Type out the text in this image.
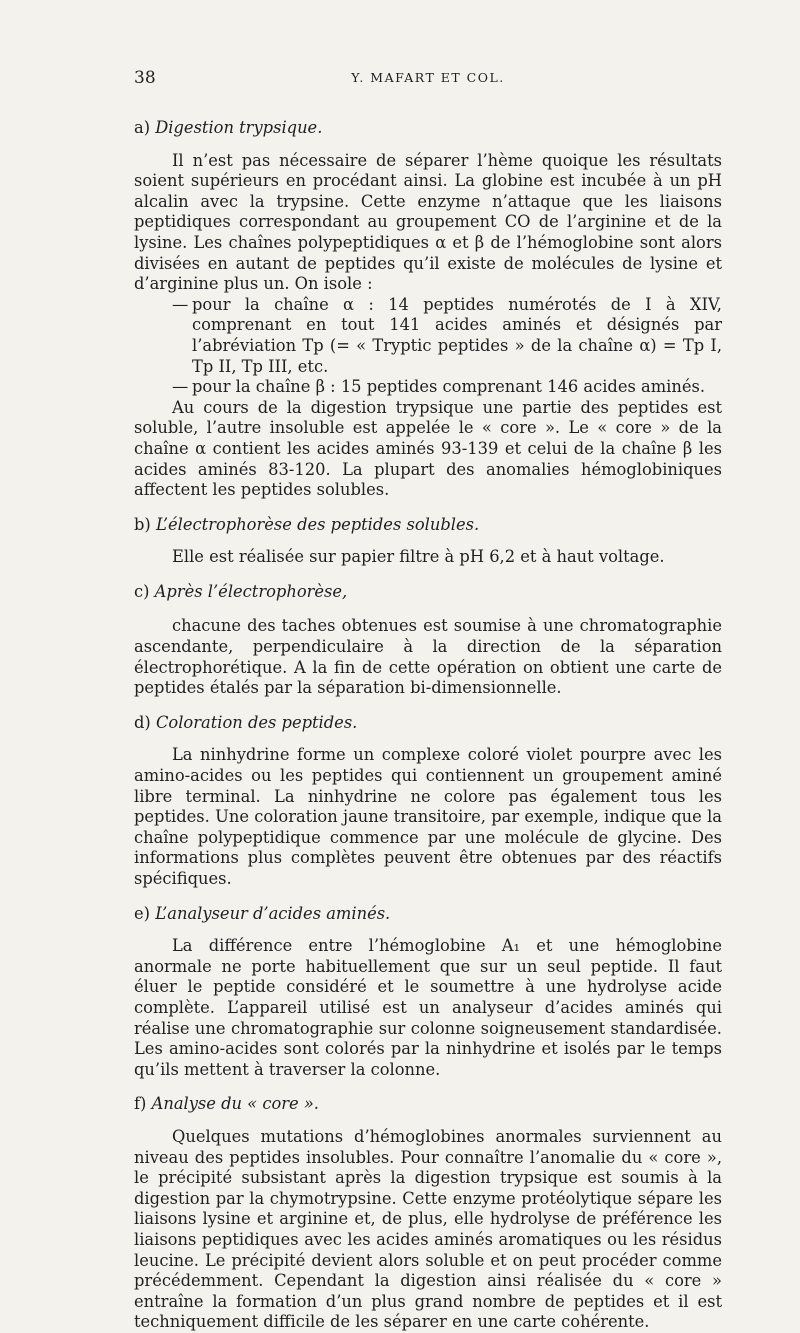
38	Y. MAFART ET COL.

a) Digestion trypsique.

Il n’est pas nécessaire de séparer l’hème quoique les résultats soient supérieurs en procédant ainsi. La globine est incubée à un pH alcalin avec la trypsine. Cette enzyme n’attaque que les liaisons peptidiques correspondant au groupement CO de l’arginine et de la lysine. Les chaînes polypeptidiques α et β de l’hémoglobine sont alors divisées en autant de peptides qu’il existe de molécules de lysine et d’arginine plus un. On isole :

— pour la chaîne α : 14 peptides numérotés de I à XIV, comprenant en tout 141 acides aminés et désignés par l’abréviation Tp (= « Tryptic peptides » de la chaîne α) = Tp I, Tp II, Tp III, etc.
— pour la chaîne β : 15 peptides comprenant 146 acides aminés.

Au cours de la digestion trypsique une partie des peptides est soluble, l’autre insoluble est appelée le « core ». Le « core » de la chaîne α contient les acides aminés 93-139 et celui de la chaîne β les acides aminés 83-120. La plupart des anomalies hémoglobiniques affectent les peptides solubles.

b) L’électrophorèse des peptides solubles.

Elle est réalisée sur papier filtre à pH 6,2 et à haut voltage.

c) Après l’électrophorèse,

chacune des taches obtenues est soumise à une chromatographie ascendante, perpendiculaire à la direction de la séparation électrophorétique. A la fin de cette opération on obtient une carte de peptides étalés par la séparation bi-dimensionnelle.

d) Coloration des peptides.

La ninhydrine forme un complexe coloré violet pourpre avec les amino-acides ou les peptides qui contiennent un groupement aminé libre terminal. La ninhydrine ne colore pas également tous les peptides. Une coloration jaune transitoire, par exemple, indique que la chaîne polypeptidique commence par une molécule de glycine. Des informations plus complètes peuvent être obtenues par des réactifs spécifiques.

e) L’analyseur d’acides aminés.

La différence entre l’hémoglobine A₁ et une hémoglobine anormale ne porte habituellement que sur un seul peptide. Il faut éluer le peptide considéré et le soumettre à une hydrolyse acide complète. L’appareil utilisé est un analyseur d’acides aminés qui réalise une chromatographie sur colonne soigneusement standardisée. Les amino-acides sont colorés par la ninhydrine et isolés par le temps qu’ils mettent à traverser la colonne.

f) Analyse du « core ».

Quelques mutations d’hémoglobines anormales surviennent au niveau des peptides insolubles. Pour connaître l’anomalie du « core », le précipité subsistant après la digestion trypsique est soumis à la digestion par la chymotrypsine. Cette enzyme protéolytique sépare les liaisons lysine et arginine et, de plus, elle hydrolyse de préférence les liaisons peptidiques avec les acides aminés aromatiques ou les résidus leucine. Le précipité devient alors soluble et on peut procéder comme précédemment. Cependant la digestion ainsi réalisée du « core » entraîne la formation d’un plus grand nombre de peptides et il est techniquement difficile de les séparer en une carte cohérente.
